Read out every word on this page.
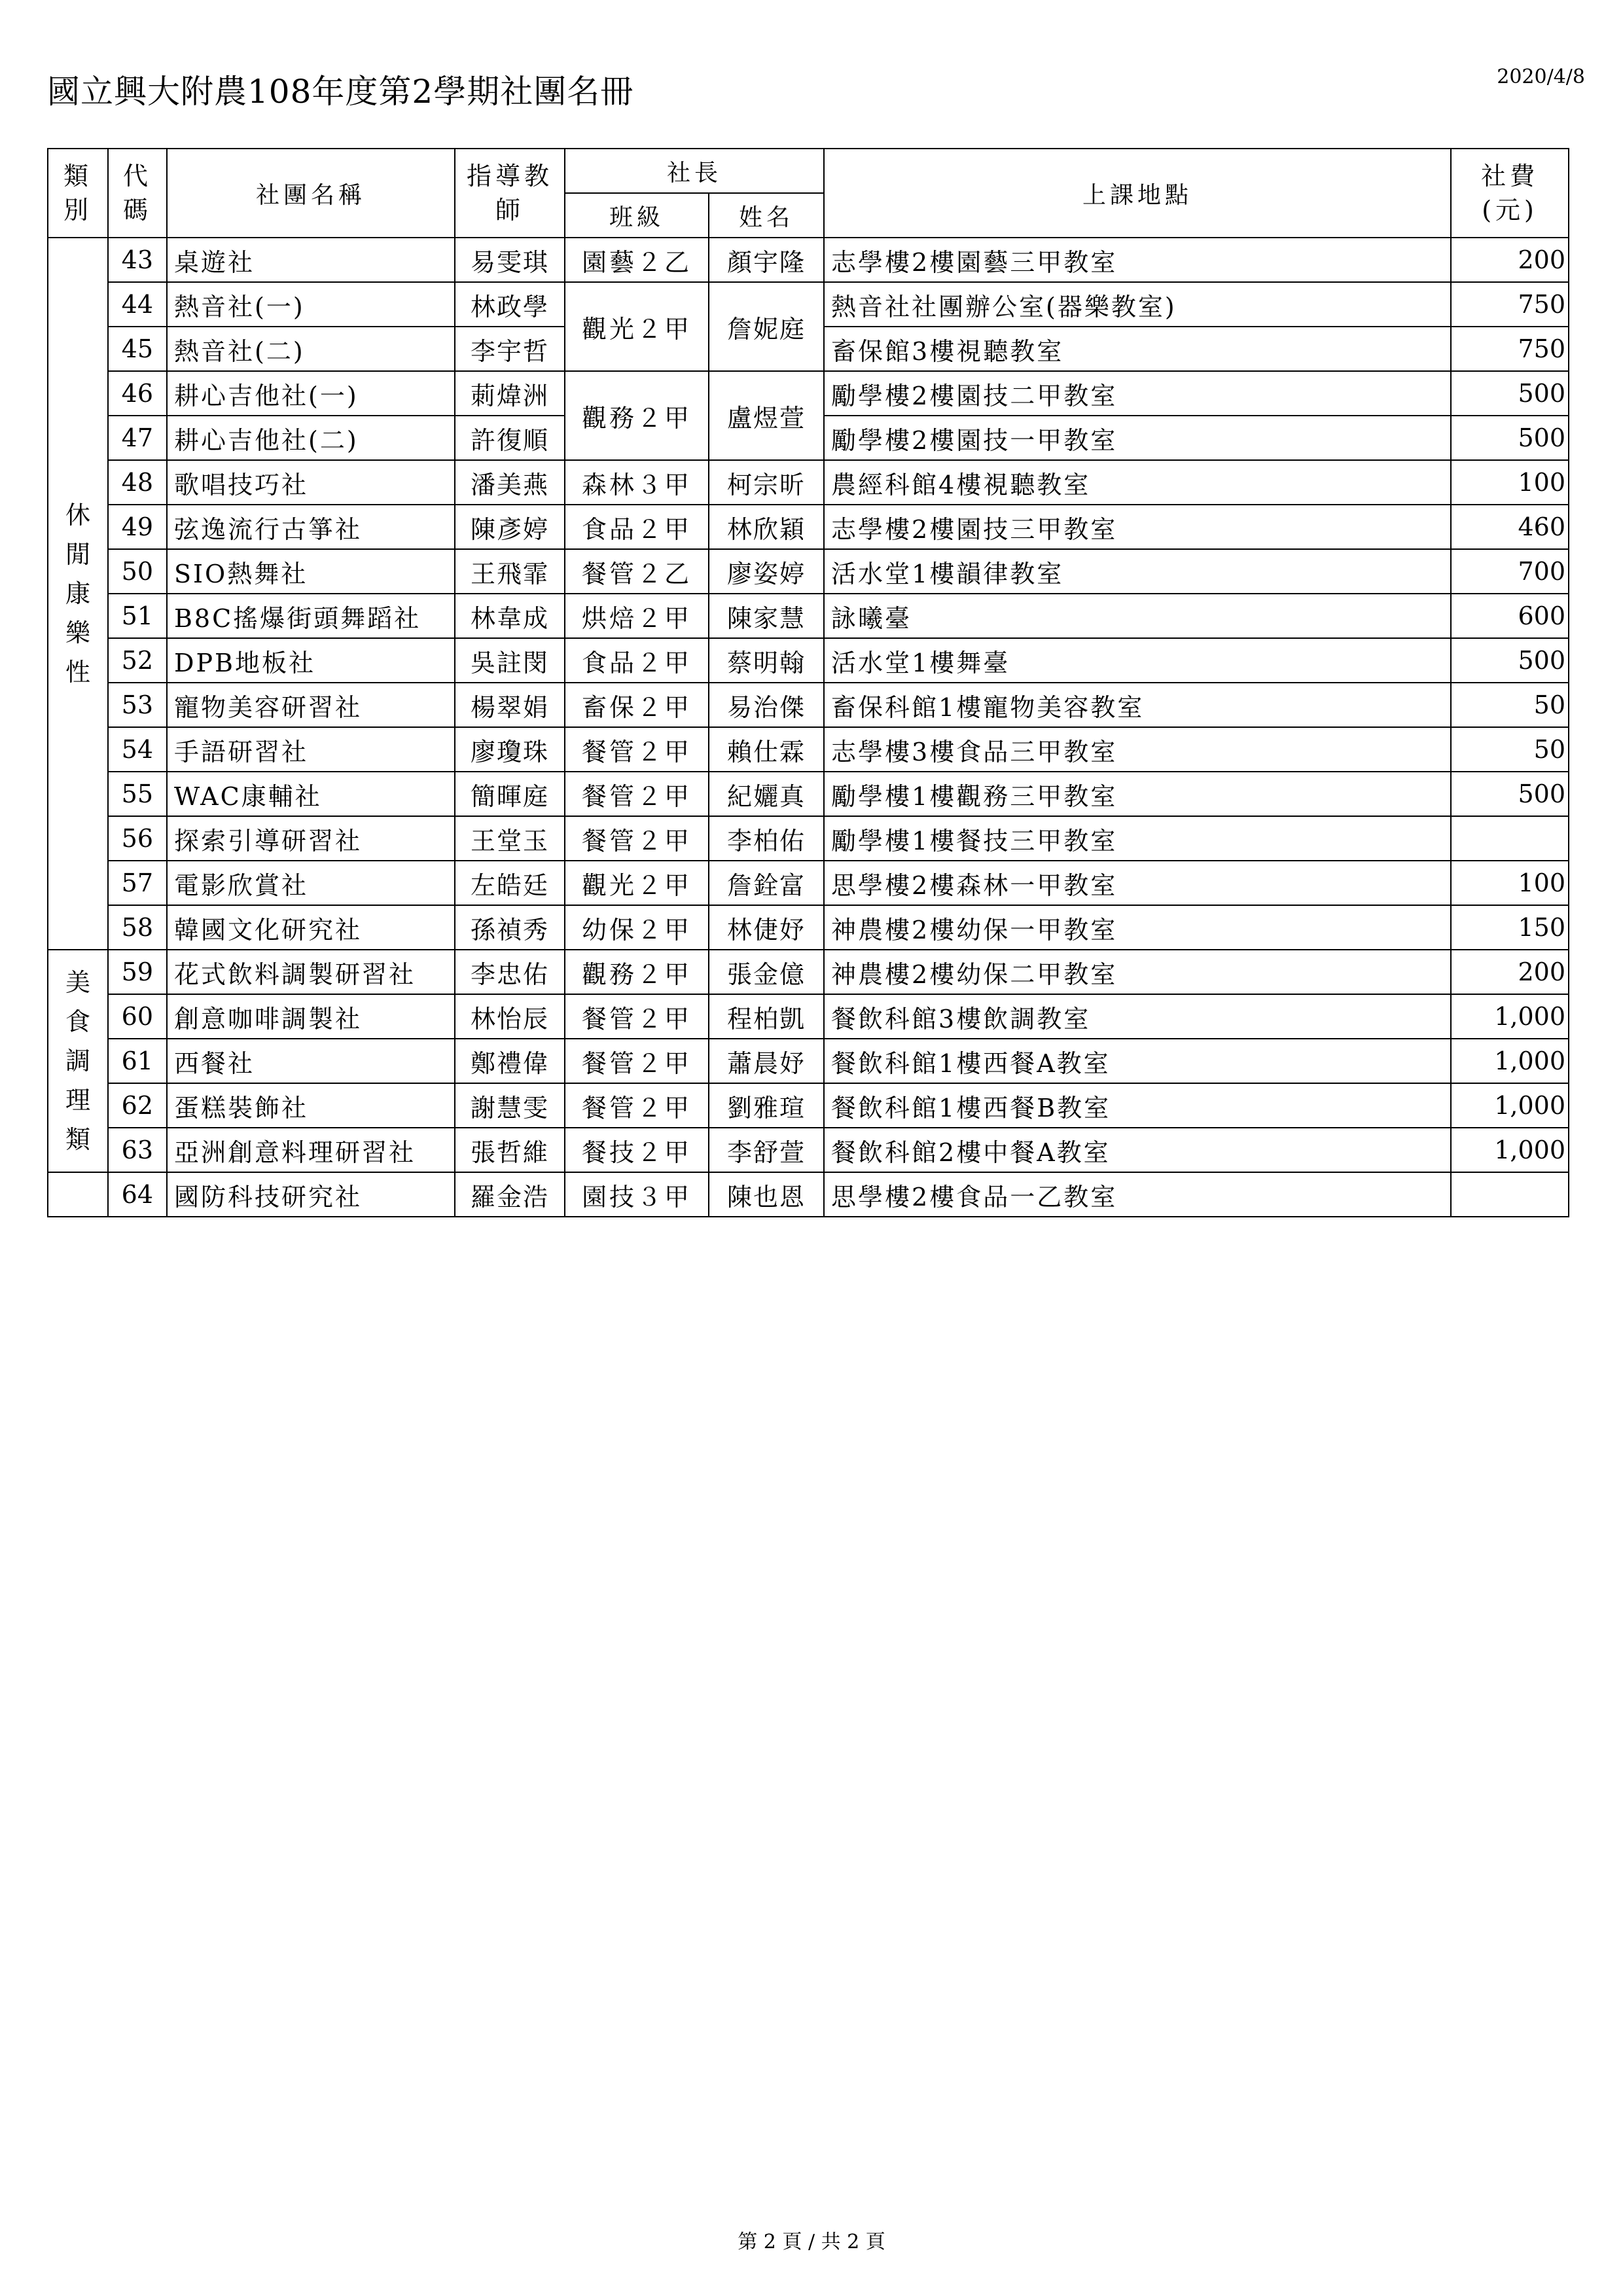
國立興大附農108年度第2學期社團名冊	2020/4/8
類別	代碼	社團名稱	指導教師	社長		上課地點	社費(元)
				班級	姓名		
休閒康樂性	43	桌遊社	易雯琪	園藝２乙	顏宇隆	志學樓2樓園藝三甲教室	200
	44	熱音社(一)	林政學	觀光２甲	詹妮庭	熱音社社團辦公室(器樂教室)	750
	45	熱音社(二)	李宇哲			畜保館3樓視聽教室	750
	46	耕心吉他社(一)	莿煒洲	觀務２甲	盧煜萱	勵學樓2樓園技二甲教室	500
	47	耕心吉他社(二)	許復順			勵學樓2樓園技一甲教室	500
	48	歌唱技巧社	潘美燕	森林３甲	柯宗昕	農經科館4樓視聽教室	100
	49	弦逸流行古箏社	陳彥婷	食品２甲	林欣穎	志學樓2樓園技三甲教室	460
	50	SIO熱舞社	王飛霏	餐管２乙	廖姿婷	活水堂1樓韻律教室	700
	51	B8C搖爆街頭舞蹈社	林韋成	烘焙２甲	陳家慧	詠曦臺	600
	52	DPB地板社	吳註閔	食品２甲	蔡明翰	活水堂1樓舞臺	500
	53	寵物美容研習社	楊翠娟	畜保２甲	易治傑	畜保科館1樓寵物美容教室	50
	54	手語研習社	廖瓊珠	餐管２甲	賴仕霖	志學樓3樓食品三甲教室	50
	55	WAC康輔社	簡暉庭	餐管２甲	紀孋真	勵學樓1樓觀務三甲教室	500
	56	探索引導研習社	王堂玉	餐管２甲	李柏佑	勵學樓1樓餐技三甲教室	
	57	電影欣賞社	左皓廷	觀光２甲	詹銓富	思學樓2樓森林一甲教室	100
	58	韓國文化研究社	孫禎秀	幼保２甲	林倢妤	神農樓2樓幼保一甲教室	150
美食調理類	59	花式飲料調製研習社	李忠佑	觀務２甲	張金億	神農樓2樓幼保二甲教室	200
	60	創意咖啡調製社	林怡辰	餐管２甲	程柏凱	餐飲科館3樓飲調教室	1,000
	61	西餐社	鄭禮偉	餐管２甲	蕭晨妤	餐飲科館1樓西餐A教室	1,000
	62	蛋糕裝飾社	謝慧雯	餐管２甲	劉雅瑄	餐飲科館1樓西餐B教室	1,000
	63	亞洲創意料理研習社	張哲維	餐技２甲	李舒萱	餐飲科館2樓中餐A教室	1,000
	64	國防科技研究社	羅金浩	園技３甲	陳也恩	思學樓2樓食品一乙教室	
第 2 頁 / 共 2 頁
